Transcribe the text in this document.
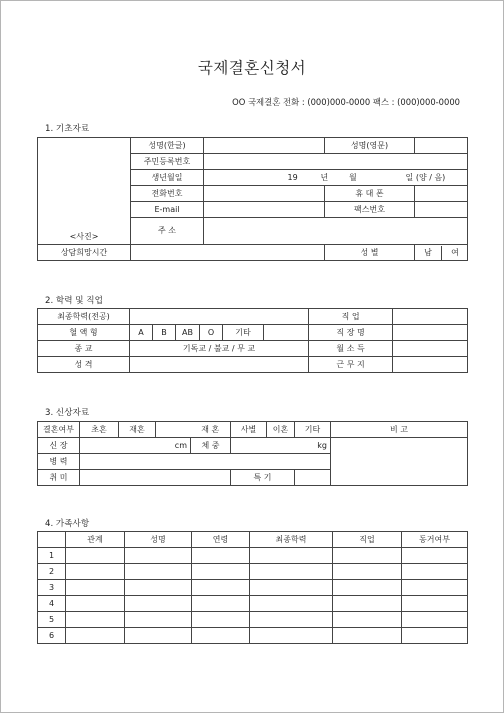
국제결혼신청서
OO 국제결혼 전화 : (000)000-0000 팩스 : (000)000-0000
1. 기초자료
<사진>	성명(한글)		성명(영문)	
	주민등록번호			
	생년월일	19 년 월 일 (양 / 음)		
	전화번호		휴 대 폰	
	E-mail		팩스번호	
	주 소			
상담희망시간			성 별	남 여
2. 학력 및 직업
최종학력(전공)							직 업	
혈 액 형	A	B	AB	O	기타		직 장 명	
종 교	기독교 / 불교 / 무 교						월 소 득	
성 격							근 무 지	
3. 신상자료
결혼여부	초혼	재혼		재 혼	사별	이혼	기타	비 고
신 장	cm			체 중	kg			
병 력								
취 미					특 기			
4. 가족사항
	관계	성명	연령	최종학력	직업	동거여부
1						
2						
3						
4						
5						
6						
